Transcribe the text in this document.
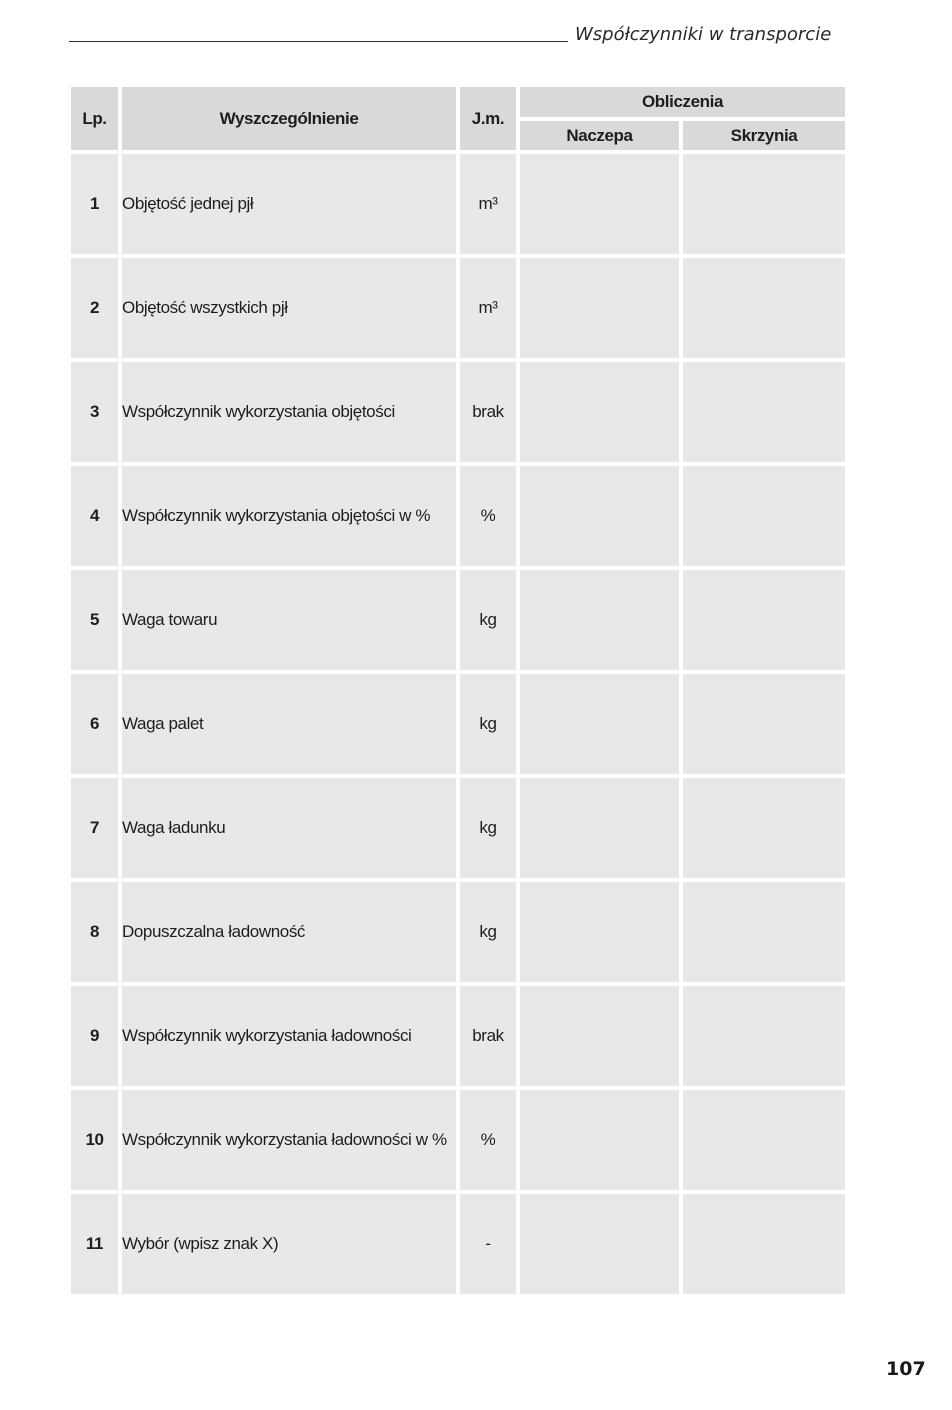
Współczynniki w transporcie
Lp.	Wyszczególnienie	J.m.	Obliczenia	
			Naczepa	Skrzynia
1	Objętość jednej pjł	m³		
2	Objętość wszystkich pjł	m³		
3	Współczynnik wykorzystania objętości	brak		
4	Współczynnik wykorzystania objętości w %	%		
5	Waga towaru	kg		
6	Waga palet	kg		
7	Waga ładunku	kg		
8	Dopuszczalna ładowność	kg		
9	Współczynnik wykorzystania ładowności	brak		
10	Współczynnik wykorzystania ładowności w %	%		
11	Wybór (wpisz znak X)	-		
107
